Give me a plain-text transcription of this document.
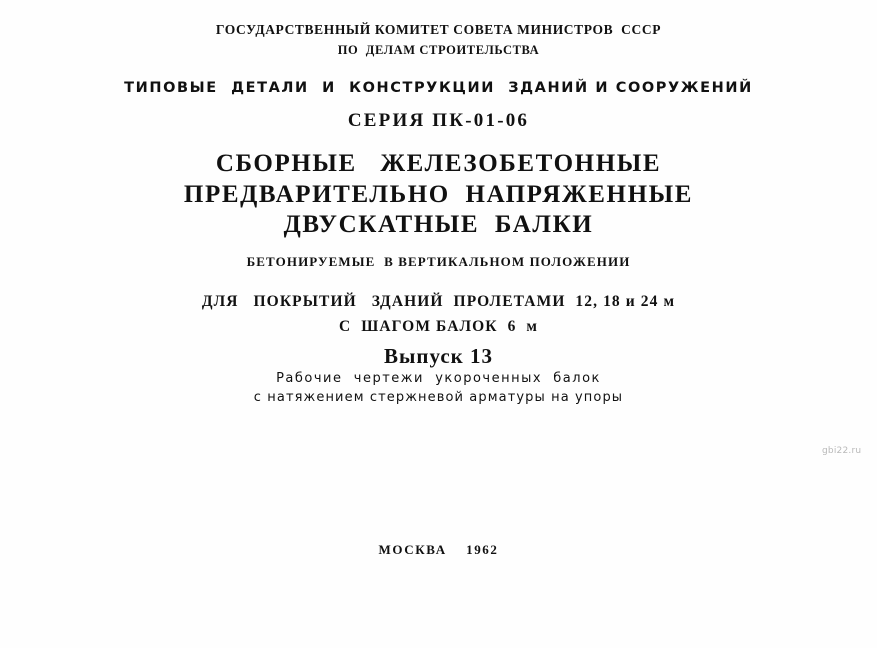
ГОСУДАРСТВЕННЫЙ КОМИТЕТ СОВЕТА МИНИСТРОВ  СССР
ПО  ДЕЛАМ СТРОИТЕЛЬСТВА
ТИПОВЫЕ  ДЕТАЛИ  И  КОНСТРУКЦИИ  ЗДАНИЙ И СООРУЖЕНИЙ
СЕРИЯ ПК-01-06
СБОРНЫЕ   ЖЕЛЕЗОБЕТОННЫЕ
ПРЕДВАРИТЕЛЬНО  НАПРЯЖЕННЫЕ
ДВУСКАТНЫЕ  БАЛКИ
БЕТОНИРУЕМЫЕ  В ВЕРТИКАЛЬНОМ ПОЛОЖЕНИИ
ДЛЯ   ПОКРЫТИЙ   ЗДАНИЙ  ПРОЛЕТАМИ  12, 18 и 24 м
С  ШАГОМ БАЛОК  6  м
Выпуск 13
Рабочие  чертежи  укороченных  балок
с натяжением стержневой арматуры на упоры
МОСКВА    1962
gbi22.ru
